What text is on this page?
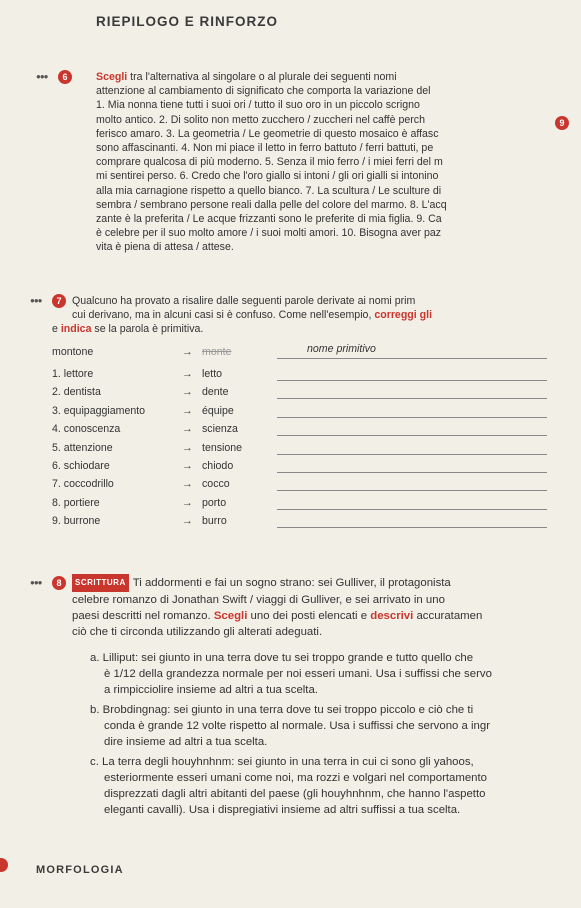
RIEPILOGO E RINFORZO
●●●	6
9
Scegli tra l'alternativa al singolare o al plurale dei seguenti nomi
attenzione al cambiamento di significato che comporta la variazione del
1. Mia nonna tiene tutti i suoi ori / tutto il suo oro in un piccolo scrigno
molto antico. 2. Di solito non metto zucchero / zuccheri nel caffè perch
ferisco amaro. 3. La geometria / Le geometrie di questo mosaico è affasc
sono affascinanti. 4. Non mi piace il letto in ferro battuto / ferri battuti, pe
comprare qualcosa di più moderno. 5. Senza il mio ferro / i miei ferri del m
mi sentirei perso. 6. Credo che l'oro giallo si intoni / gli ori gialli si intonino
alla mia carnagione rispetto a quello bianco. 7. La scultura / Le sculture di
sembra / sembrano persone reali dalla pelle del colore del marmo. 8. L'acq
zante è la preferita / Le acque frizzanti sono le preferite di mia figlia. 9. Ca
è celebre per il suo molto amore / i suoi molti amori. 10. Bisogna aver paz
vita è piena di attesa / attese.
●●●	7 Qualcuno ha provato a risalire dalle seguenti parole derivate ai nomi prim
cui derivano, ma in alcuni casi si è confuso. Come nell'esempio, correggi gli
e indica se la parola è primitiva.
montone	→ monte	nome primitivo
1. lettore	→ letto
2. dentista	→ dente
3. equipaggiamento	→ équipe
4. conoscenza	→ scienza
5. attenzione	→ tensione
6. schiodare	→ chiodo
7. coccodrillo	→ cocco
8. portiere	→ porto
9. burrone	→ burro
●●●	8	SCRITTURA Ti addormenti e fai un sogno strano: sei Gulliver, il protagonista
celebre romanzo di Jonathan Swift / viaggi di Gulliver, e sei arrivato in uno
paesi descritti nel romanzo. Scegli uno dei posti elencati e descrivi accuratamen
ciò che ti circonda utilizzando gli alterati adeguati.
a. Lilliput: sei giunto in una terra dove tu sei troppo grande e tutto quello che
è 1/12 della grandezza normale per noi esseri umani. Usa i suffissi che servo
a rimpicciolire insieme ad altri a tua scelta.
b. Brobdingnag: sei giunto in una terra dove tu sei troppo piccolo e ciò che ti
conda è grande 12 volte rispetto al normale. Usa i suffissi che servono a ingr
dire insieme ad altri a tua scelta.
c. La terra degli houyhnhnm: sei giunto in una terra in cui ci sono gli yahoos,
esteriormente esseri umani come noi, ma rozzi e volgari nel comportamento
disprezzati dagli altri abitanti del paese (gli houyhnhnm, che hanno l'aspetto
eleganti cavalli). Usa i dispregiativi insieme ad altri suffissi a tua scelta.
MORFOLOGIA
